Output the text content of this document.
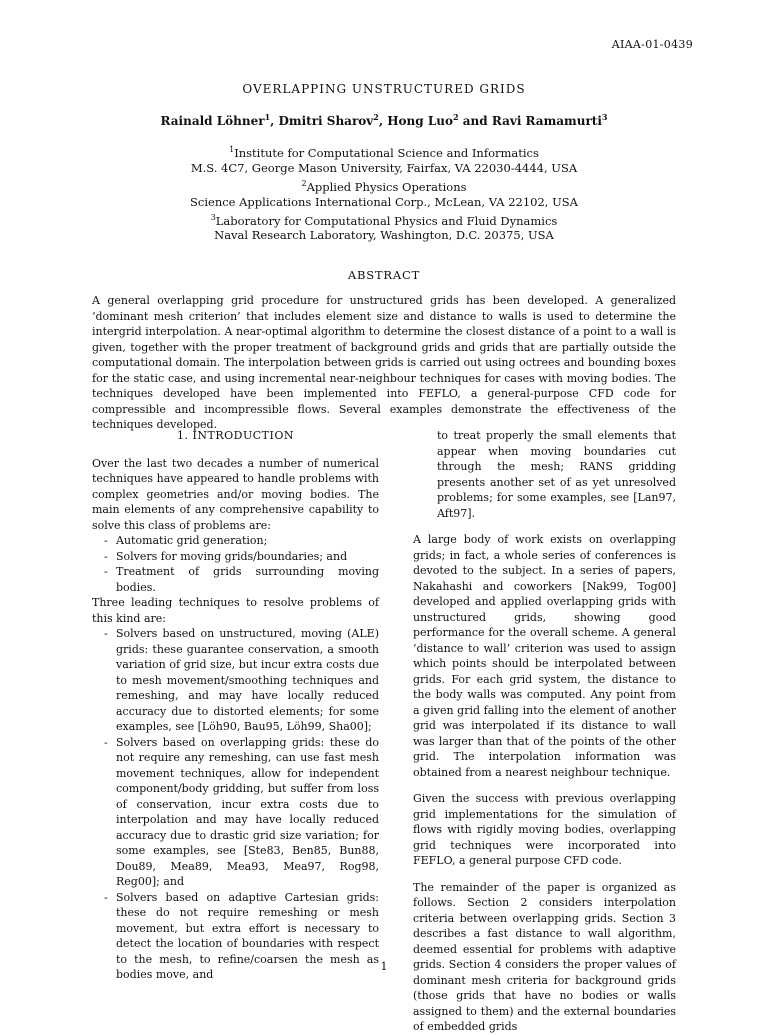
AIAA-01-0439
OVERLAPPING UNSTRUCTURED GRIDS
Rainald Löhner$^1$, Dmitri Sharov$^2$, Hong Luo$^2$ and Ravi Ramamurti$^3$
$^1$Institute for Computational Science and Informatics
M.S. 4C7, George Mason University, Fairfax, VA 22030-4444, USA
$^2$Applied Physics Operations
Science Applications International Corp., McLean, VA 22102, USA
$^3$Laboratory for Computational Physics and Fluid Dynamics
Naval Research Laboratory, Washington, D.C. 20375, USA
ABSTRACT

A general overlapping grid procedure for unstructured grids has been developed. A generalized ‘dominant mesh criterion’ that includes element size and distance to walls is used to determine the intergrid interpolation. A near-optimal algorithm to determine the closest distance of a point to a wall is given, together with the proper treatment of background grids and grids that are partially outside the computational domain. The interpolation between grids is carried out using octrees and bounding boxes for the static case, and using incremental near-neighbour techniques for cases with moving bodies. The techniques developed have been implemented into FEFLO, a general-purpose CFD code for compressible and incompressible flows. Several examples demonstrate the effectiveness of the techniques developed.

1. INTRODUCTION

Over the last two decades a number of numerical techniques have appeared to handle problems with complex geometries and/or moving bodies. The main elements of any comprehensive capability to solve this class of problems are:

- Automatic grid generation;
- Solvers for moving grids/boundaries; and
- Treatment of grids surrounding moving bodies.

Three leading techniques to resolve problems of this kind are:

- Solvers based on unstructured, moving (ALE) grids: these guarantee conservation, a smooth variation of grid size, but incur extra costs due to mesh movement/smoothing techniques and remeshing, and may have locally reduced accuracy due to distorted elements; for some examples, see [Löh90, Bau95, Löh99, Sha00];
- Solvers based on overlapping grids: these do not require any remeshing, can use fast mesh movement techniques, allow for independent component/body gridding, but suffer from loss of conservation, incur extra costs due to interpolation and may have locally reduced accuracy due to drastic grid size variation; for some examples, see [Ste83, Ben85, Bun88, Dou89, Mea89, Mea93, Mea97, Rog98, Reg00]; and
- Solvers based on adaptive Cartesian grids: these do not require remeshing or mesh movement, but extra effort is necessary to detect the location of boundaries with respect to the mesh, to refine/coarsen the mesh as bodies move, and

to treat properly the small elements that appear when moving boundaries cut through the mesh; RANS gridding presents another set of as yet unresolved problems; for some examples, see [Lan97, Aft97].

A large body of work exists on overlapping grids; in fact, a whole series of conferences is devoted to the subject. In a series of papers, Nakahashi and coworkers [Nak99, Tog00] developed and applied overlapping grids with unstructured grids, showing good performance for the overall scheme. A general ‘distance to wall’ criterion was used to assign which points should be interpolated between grids. For each grid system, the distance to the body walls was computed. Any point from a given grid falling into the element of another grid was interpolated if its distance to wall was larger than that of the points of the other grid. The interpolation information was obtained from a nearest neighbour technique.

Given the success with previous overlapping grid implementations for the simulation of flows with rigidly moving bodies, overlapping grid techniques were incorporated into FEFLO, a general purpose CFD code.

The remainder of the paper is organized as follows. Section 2 considers interpolation criteria between overlapping grids. Section 3 describes a fast distance to wall algorithm, deemed essential for problems with adaptive grids. Section 4 considers the proper values of dominant mesh criteria for background grids (those grids that have no bodies or walls assigned to them) and the external boundaries of embedded grids

1
